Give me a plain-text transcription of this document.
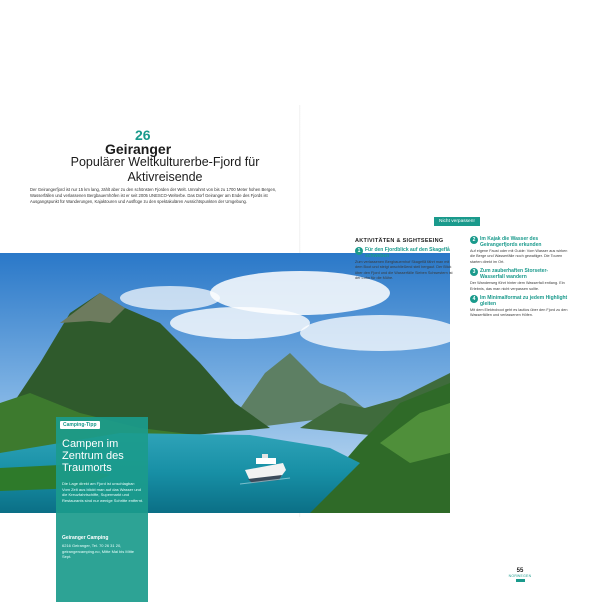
26
Geiranger
Populärer Weltkulturerbe-Fjord für Aktivreisende
Der Geirangerfjord ist nur 15 km lang, zählt aber zu den schönsten Fjorden der Welt. Umrahmt von bis zu 1700 Meter hohen Bergen, Wasserfällen und verlassenen Bergbauernhöfen ist er seit 2005 UNESCO-Welterbe. Das Dorf Geiranger am Ende des Fjords ist Ausgangspunkt für Wanderungen, Kajaktouren und Ausflüge zu den spektakulären Aussichtspunkten der Umgebung.
Camping-Tipp
Campen im Zentrum des Traumorts
Die Lage direkt am Fjord ist unschlagbar: Vom Zelt aus blickt man auf das Wasser und die Kreuzfahrtschiffe, Supermarkt und Restaurants sind nur wenige Schritte entfernt.
Geiranger Camping
6216 Geiranger, Tel. 70 26 31 20, geirangercamping.no, Mitte Mai bis Mitte Sept.
INSTAGRAM-MOMENT
Das bekannteste Motiv des Fjords: Kreuzfahrtschiff vor der Bergkulisse.
Nicht verpassen!
AKTIVITÄTEN & SIGHTSEEING
1 Für den Fjordblick auf den Skageflå schweben
Zum verlassenen Bergbauernhof Skageflå fährt man mit dem Boot und steigt anschließend steil bergauf. Der Blick über den Fjord und die Wasserfälle Sieben Schwestern ist der Lohn für die Mühe.
2 Im Kajak die Wasser des Geirangerfjords erkunden
Auf eigene Faust oder mit Guide: Vom Wasser aus wirken die Berge und Wasserfälle noch gewaltiger. Die Touren starten direkt im Ort.
3 Zum zauberhaften Storseter-Wasserfall wandern
Der Wanderweg führt hinter dem Wasserfall entlang. Ein Erlebnis, das man nicht verpassen sollte.
4 Im Minimalformat zu jedem Highlight gleiten
Mit dem Elektroboot geht es lautlos über den Fjord zu den Wasserfällen und verlassenen Höfen.
55
NORWEGEN
